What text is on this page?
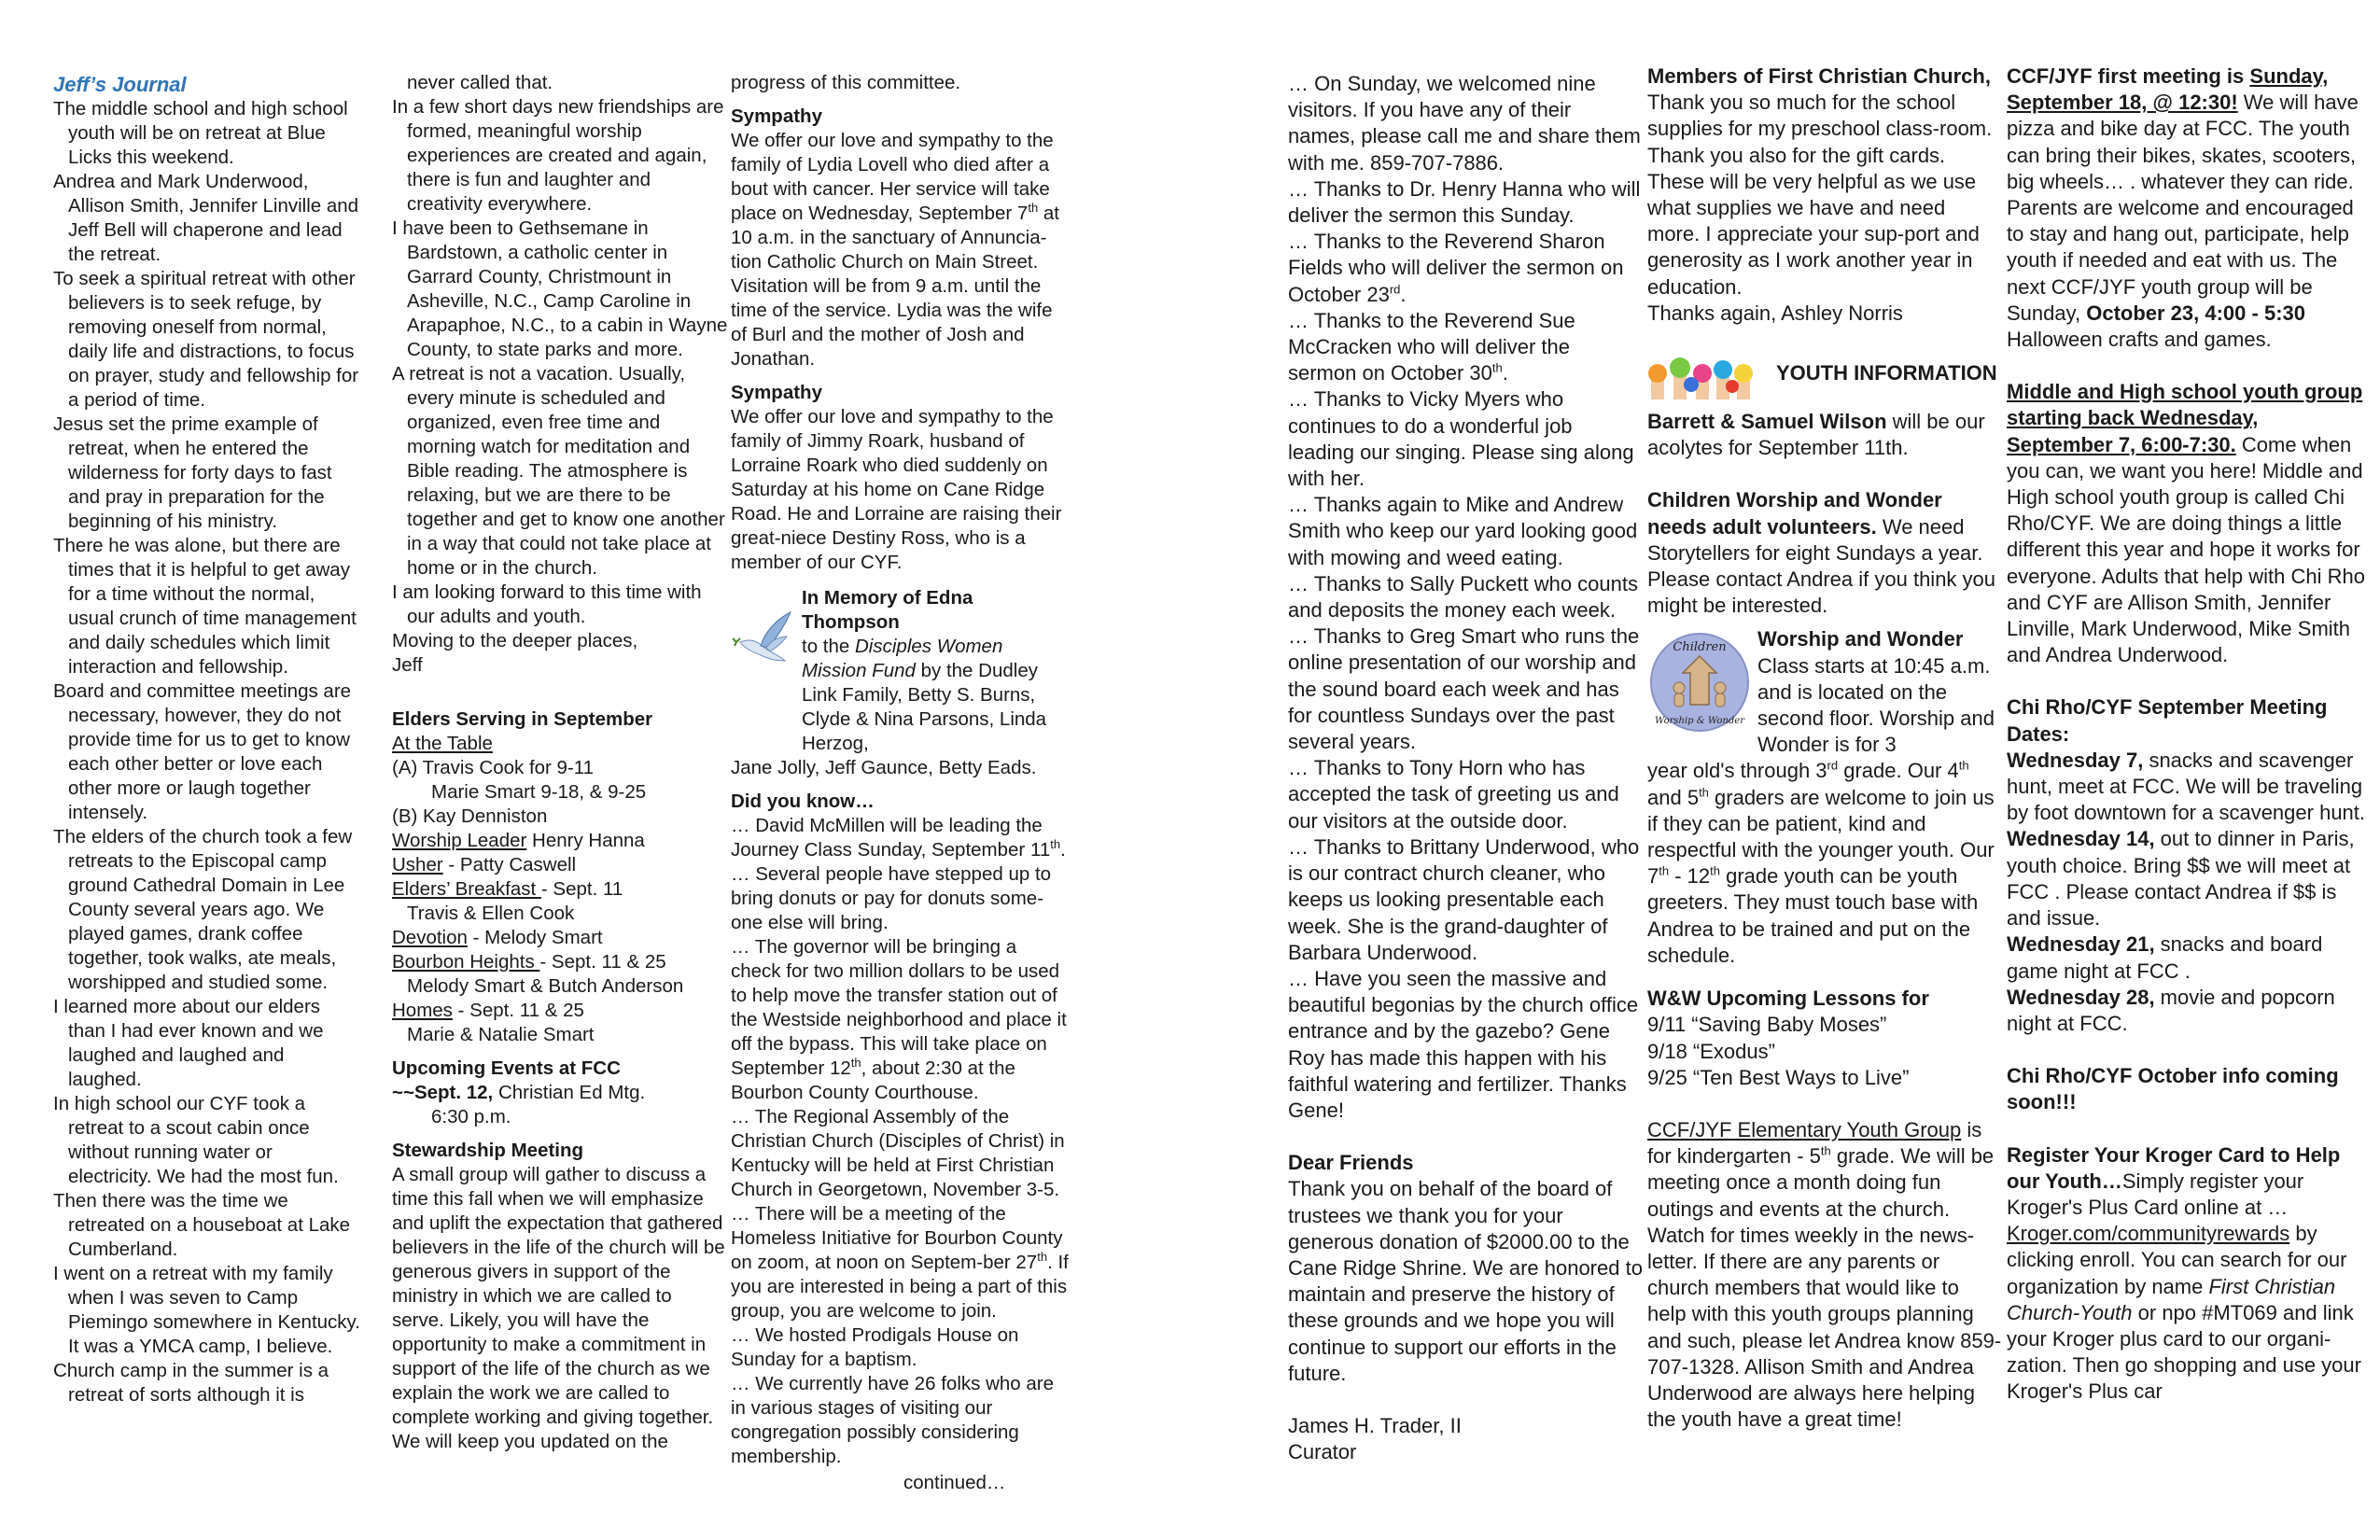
Jeff’s Journal

The middle school and high school youth will be on retreat at Blue Licks this weekend.

Andrea and Mark Underwood, Allison Smith, Jennifer Linville and Jeff Bell will chaperone and lead the retreat.

To seek a spiritual retreat with other believers is to seek refuge, by removing oneself from normal, daily life and distractions, to focus on prayer, study and fellowship for a period of time.

Jesus set the prime example of retreat, when he entered the wilderness for forty days to fast and pray in preparation for the beginning of his ministry.

There he was alone, but there are times that it is helpful to get away for a time without the normal, usual crunch of time management and daily schedules which limit interaction and fellowship.

Board and committee meetings are necessary, however, they do not provide time for us to get to know each other better or love each other more or laugh together intensely.

The elders of the church took a few retreats to the Episcopal camp ground Cathedral Domain in Lee County several years ago. We played games, drank coffee together, took walks, ate meals, worshipped and studied some.

I learned more about our elders than I had ever known and we laughed and laughed and laughed.

In high school our CYF took a retreat to a scout cabin once without running water or electricity. We had the most fun.

Then there was the time we retreated on a houseboat at Lake Cumberland.

I went on a retreat with my family when I was seven to Camp Piemingo somewhere in Kentucky. It was a YMCA camp, I believe.

Church camp in the summer is a retreat of sorts although it is

never called that.

In a few short days new friendships are formed, meaningful worship experiences are created and again, there is fun and laughter and creativity everywhere.

I have been to Gethsemane in Bardstown, a catholic center in Garrard County, Christmount in Asheville, N.C., Camp Caroline in Arapaphoe, N.C., to a cabin in Wayne County, to state parks and more.

A retreat is not a vacation. Usually, every minute is scheduled and organized, even free time and morning watch for meditation and Bible reading. The atmosphere is relaxing, but we are there to be together and get to know one another in a way that could not take place at home or in the church.

I am looking forward to this time with our adults and youth.

Moving to the deeper places,

Jeff

Elders Serving in September

At the Table

(A) Travis Cook for 9-11

Marie Smart 9-18, & 9-25

(B) Kay Denniston

Worship Leader Henry Hanna

Usher - Patty Caswell

Elders’ Breakfast - Sept. 11

Travis & Ellen Cook

Devotion - Melody Smart

Bourbon Heights - Sept. 11 & 25

Melody Smart & Butch Anderson

Homes - Sept. 11 & 25

Marie & Natalie Smart

Upcoming Events at FCC

~~Sept. 12, Christian Ed Mtg.

6:30 p.m.

Stewardship Meeting

A small group will gather to discuss a time this fall when we will emphasize and uplift the expectation that gathered believers in the life of the church will be generous givers in support of the ministry in which we are called to serve. Likely, you will have the opportunity to make a commitment in support of the life of the church as we explain the work we are called to complete working and giving together. We will keep you updated on the

progress of this committee.

Sympathy

We offer our love and sympathy to the family of Lydia Lovell who died after a bout with cancer. Her service will take place on Wednesday, September 7th at 10 a.m. in the sanctuary of Annuncia-tion Catholic Church on Main Street. Visitation will be from 9 a.m. until the time of the service. Lydia was the wife of Burl and the mother of Josh and Jonathan.

Sympathy

We offer our love and sympathy to the family of Jimmy Roark, husband of Lorraine Roark who died suddenly on Saturday at his home on Cane Ridge Road. He and Lorraine are raising their great-niece Destiny Ross, who is a member of our CYF.

In Memory of Edna Thompson

to the Disciples Women Mission Fund by the Dudley Link Family, Betty S. Burns, Clyde & Nina Parsons, Linda Herzog,

Jane Jolly, Jeff Gaunce, Betty Eads.

Did you know…

… David McMillen will be leading the Journey Class Sunday, September 11th.

… Several people have stepped up to bring donuts or pay for donuts some-one else will bring.

… The governor will be bringing a check for two million dollars to be used to help move the transfer station out of the Westside neighborhood and place it off the bypass. This will take place on September 12th, about 2:30 at the Bourbon County Courthouse.

… The Regional Assembly of the Christian Church (Disciples of Christ) in Kentucky will be held at First Christian Church in Georgetown, November 3-5.

… There will be a meeting of the Homeless Initiative for Bourbon County on zoom, at noon on Septem-ber 27th. If you are interested in being a part of this group, you are welcome to join.

… We hosted Prodigals House on Sunday for a baptism.

… We currently have 26 folks who are in various stages of visiting our congregation possibly considering membership.

continued…

… On Sunday, we welcomed nine visitors. If you have any of their names, please call me and share them with me. 859-707-7886.

… Thanks to Dr. Henry Hanna who will deliver the sermon this Sunday.

… Thanks to the Reverend Sharon Fields who will deliver the sermon on October 23rd.

… Thanks to the Reverend Sue McCracken who will deliver the sermon on October 30th.

… Thanks to Vicky Myers who continues to do a wonderful job leading our singing. Please sing along with her.

… Thanks again to Mike and Andrew Smith who keep our yard looking good with mowing and weed eating.

… Thanks to Sally Puckett who counts and deposits the money each week.

… Thanks to Greg Smart who runs the online presentation of our worship and the sound board each week and has for countless Sundays over the past several years.

… Thanks to Tony Horn who has accepted the task of greeting us and our visitors at the outside door.

… Thanks to Brittany Underwood, who is our contract church cleaner, who keeps us looking presentable each week. She is the grand-daughter of Barbara Underwood.

… Have you seen the massive and beautiful begonias by the church office entrance and by the gazebo? Gene Roy has made this happen with his faithful watering and fertilizer. Thanks Gene!

Dear Friends

Thank you on behalf of the board of trustees we thank you for your generous donation of $2000.00 to the Cane Ridge Shrine. We are honored to maintain and preserve the history of these grounds and we hope you will continue to support our efforts in the future.

James H. Trader, II

Curator

Members of First Christian Church,

Thank you so much for the school supplies for my preschool class-room. Thank you also for the gift cards. These will be very helpful as we use what supplies we have and need more. I appreciate your sup-port and generosity as I work another year in education.

Thanks again, Ashley Norris

YOUTH INFORMATION

Barrett & Samuel Wilson will be our acolytes for September 11th.

Children Worship and Wonder needs adult volunteers. We need Storytellers for eight Sundays a year. Please contact Andrea if you think you might be interested.

Children
Worship & Wonder
Worship and Wonder

Class starts at 10:45 a.m. and is located on the second floor. Worship and Wonder is for 3

year old's through 3rd grade. Our 4th and 5th graders are welcome to join us if they can be patient, kind and respectful with the younger youth. Our 7th - 12th grade youth can be youth greeters. They must touch base with Andrea to be trained and put on the schedule.

W&W Upcoming Lessons for

9/11 “Saving Baby Moses”

9/18 “Exodus”

9/25 “Ten Best Ways to Live”

CCF/JYF Elementary Youth Group is for kindergarten - 5th grade. We will be meeting once a month doing fun outings and events at the church. Watch for times weekly in the news-letter. If there are any parents or church members that would like to help with this youth groups planning and such, please let Andrea know 859-707-1328. Allison Smith and Andrea Underwood are always here helping the youth have a great time!

CCF/JYF first meeting is Sunday, September 18, @ 12:30! We will have pizza and bike day at FCC. The youth can bring their bikes, skates, scooters, big wheels… . whatever they can ride. Parents are welcome and encouraged to stay and hang out, participate, help youth if needed and eat with us. The next CCF/JYF youth group will be Sunday, October 23, 4:00 - 5:30 Halloween crafts and games.

Middle and High school youth group starting back Wednesday, September 7, 6:00-7:30. Come when you can, we want you here! Middle and High school youth group is called Chi Rho/CYF. We are doing things a little different this year and hope it works for everyone. Adults that help with Chi Rho and CYF are Allison Smith, Jennifer Linville, Mark Underwood, Mike Smith and Andrea Underwood.

Chi Rho/CYF September Meeting Dates:

Wednesday 7, snacks and scavenger hunt, meet at FCC. We will be traveling by foot downtown for a scavenger hunt.

Wednesday 14, out to dinner in Paris, youth choice. Bring $$ we will meet at FCC . Please contact Andrea if $$ is and issue.

Wednesday 21, snacks and board game night at FCC .

Wednesday 28, movie and popcorn night at FCC.

Chi Rho/CYF October info coming soon!!!

Register Your Kroger Card to Help our Youth…Simply register your Kroger's Plus Card online at … Kroger.com/communityrewards by clicking enroll. You can search for our organization by name First Christian Church-Youth or npo #MT069 and link your Kroger plus card to our organi-zation. Then go shopping and use your Kroger's Plus car
